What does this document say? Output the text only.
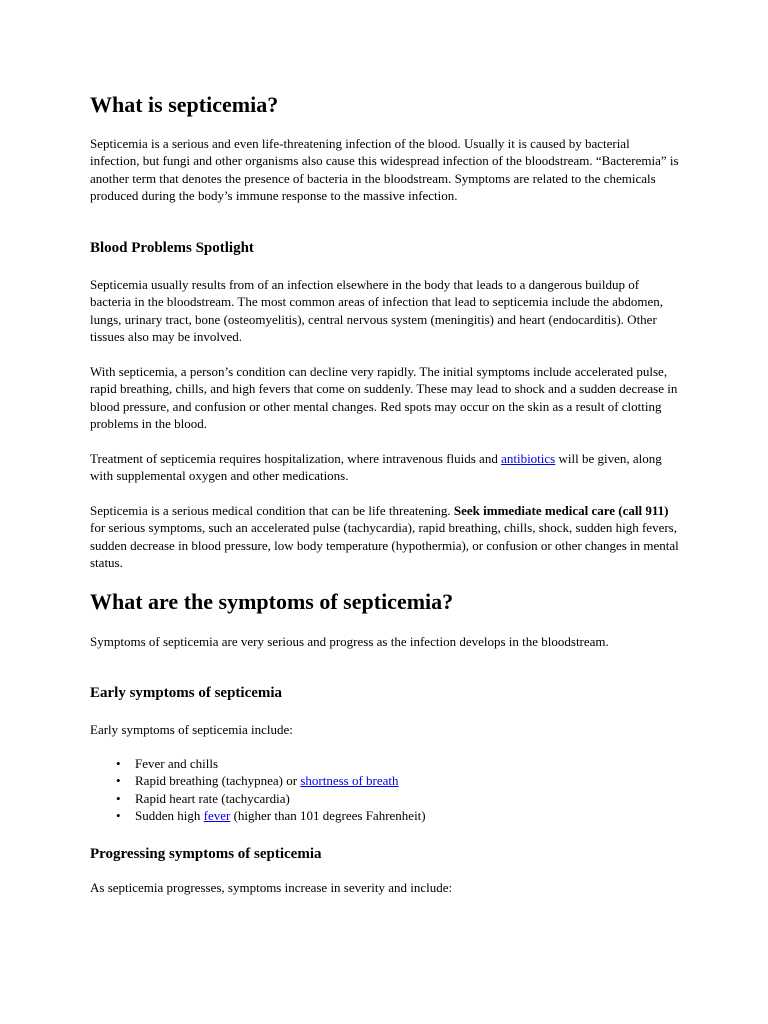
What is septicemia?

Septicemia is a serious and even life-threatening infection of the blood. Usually it is caused by bacterial infection, but fungi and other organisms also cause this widespread infection of the bloodstream. “Bacteremia” is another term that denotes the presence of bacteria in the bloodstream. Symptoms are related to the chemicals produced during the body’s immune response to the massive infection.

Blood Problems Spotlight

Septicemia usually results from of an infection elsewhere in the body that leads to a dangerous buildup of bacteria in the bloodstream. The most common areas of infection that lead to septicemia include the abdomen, lungs, urinary tract, bone (osteomyelitis), central nervous system (meningitis) and heart (endocarditis). Other tissues also may be involved.

With septicemia, a person’s condition can decline very rapidly. The initial symptoms include accelerated pulse, rapid breathing, chills, and high fevers that come on suddenly. These may lead to shock and a sudden decrease in blood pressure, and confusion or other mental changes. Red spots may occur on the skin as a result of clotting problems in the blood.

Treatment of septicemia requires hospitalization, where intravenous fluids and antibiotics will be given, along with supplemental oxygen and other medications.

Septicemia is a serious medical condition that can be life threatening. Seek immediate medical care (call 911) for serious symptoms, such an accelerated pulse (tachycardia), rapid breathing, chills, shock, sudden high fevers, sudden decrease in blood pressure, low body temperature (hypothermia), or confusion or other changes in mental status.

What are the symptoms of septicemia?

Symptoms of septicemia are very serious and progress as the infection develops in the bloodstream.

Early symptoms of septicemia

Early symptoms of septicemia include:

• Fever and chills
• Rapid breathing (tachypnea) or shortness of breath
• Rapid heart rate (tachycardia)
• Sudden high fever (higher than 101 degrees Fahrenheit)
Progressing symptoms of septicemia

As septicemia progresses, symptoms increase in severity and include:
